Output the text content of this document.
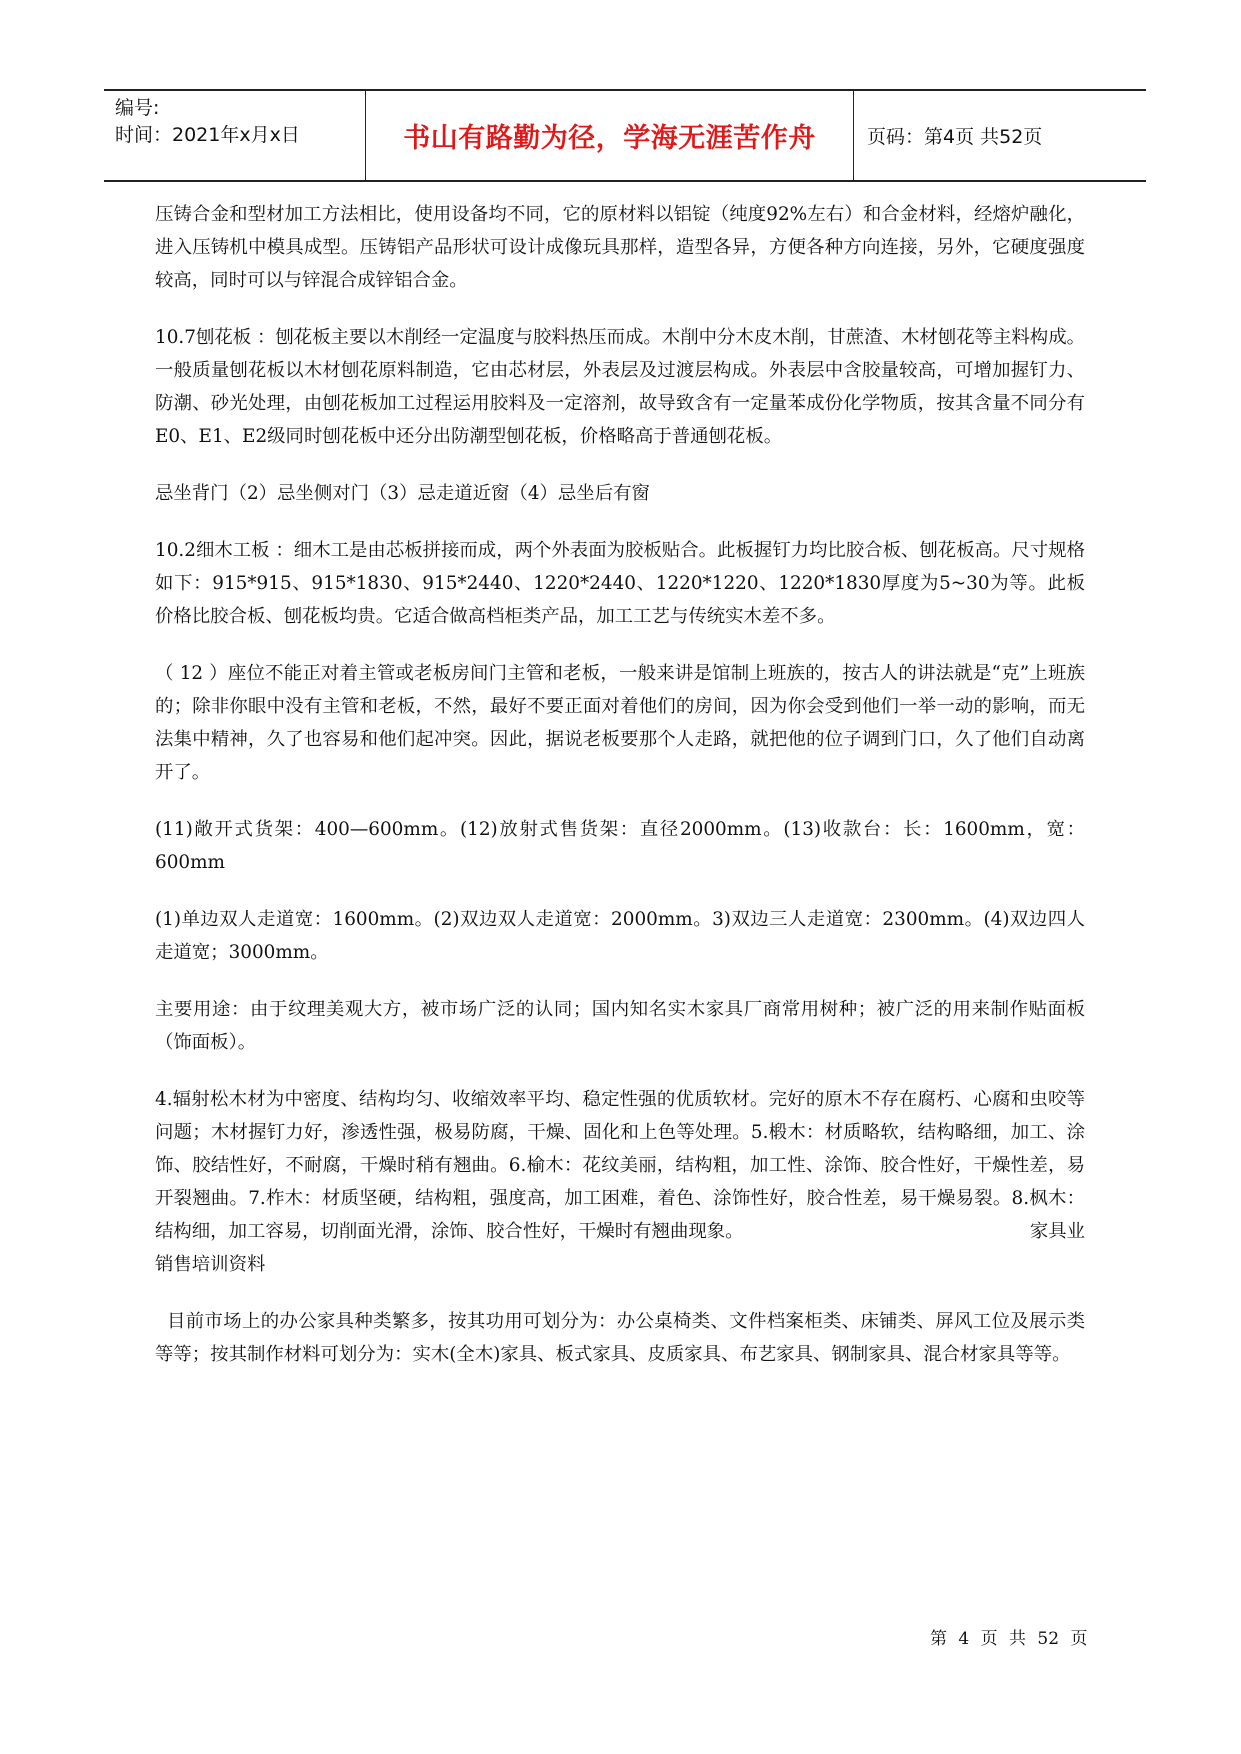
编号:
时间：2021年x月x日	书山有路勤为径，学海无涯苦作舟	页码：第4页 共52页

压铸合金和型材加工方法相比，使用设备均不同，它的原材料以铝锭（纯度92%左右）和合金材料，经熔炉融化，进入压铸机中模具成型。压铸铝产品形状可设计成像玩具那样，造型各异，方便各种方向连接，另外，它硬度强度较高，同时可以与锌混合成锌铝合金。

10.7刨花板 ：刨花板主要以木削经一定温度与胶料热压而成。木削中分木皮木削，甘蔗渣、木材刨花等主料构成。一般质量刨花板以木材刨花原料制造，它由芯材层，外表层及过渡层构成。外表层中含胶量较高，可增加握钉力、防潮、砂光处理，由刨花板加工过程运用胶料及一定溶剂，故导致含有一定量苯成份化学物质，按其含量不同分有E0、E1、E2级同时刨花板中还分出防潮型刨花板，价格略高于普通刨花板。

忌坐背门（2）忌坐侧对门（3）忌走道近窗（4）忌坐后有窗

10.2细木工板 ：细木工是由芯板拼接而成，两个外表面为胶板贴合。此板握钉力均比胶合板、刨花板高。尺寸规格如下：915*915、915*1830、915*2440、1220*2440、1220*1220、1220*1830厚度为5~30为等。此板价格比胶合板、刨花板均贵。它适合做高档柜类产品，加工工艺与传统实木差不多。

（ 12 ）座位不能正对着主管或老板房间门主管和老板，一般来讲是馆制上班族的，按古人的讲法就是“克”上班族的；除非你眼中没有主管和老板，不然，最好不要正面对着他们的房间，因为你会受到他们一举一动的影响，而无法集中精神，久了也容易和他们起冲突。因此，据说老板要那个人走路，就把他的位子调到门口，久了他们自动离开了。

(11)敞开式货架：400—600mm。(12)放射式售货架：直径2000mm。(13)收款台：长：1600mm，宽：600mm

(1)单边双人走道宽：1600mm。(2)双边双人走道宽：2000mm。3)双边三人走道宽：2300mm。(4)双边四人走道宽；3000mm。

主要用途：由于纹理美观大方，被市场广泛的认同；国内知名实木家具厂商常用树种；被广泛的用来制作贴面板（饰面板）。

4.辐射松木材为中密度、结构均匀、收缩效率平均、稳定性强的优质软材。完好的原木不存在腐朽、心腐和虫咬等问题；木材握钉力好，渗透性强，极易防腐，干燥、固化和上色等处理。5.椴木：材质略软，结构略细，加工、涂饰、胶结性好，不耐腐，干燥时稍有翘曲。6.榆木：花纹美丽，结构粗，加工性、涂饰、胶合性好，干燥性差，易开裂翘曲。7.柞木：材质坚硬，结构粗，强度高，加工困难，着色、涂饰性好，胶合性差，易干燥易裂。8.枫木：结构细，加工容易，切削面光滑，涂饰、胶合性好，干燥时有翘曲现象。	家具业

销售培训资料

目前市场上的办公家具种类繁多，按其功用可划分为：办公桌椅类、文件档案柜类、床铺类、屏风工位及展示类等等；按其制作材料可划分为：实木(全木)家具、板式家具、皮质家具、布艺家具、钢制家具、混合材家具等等。

第 4 页 共 52 页
